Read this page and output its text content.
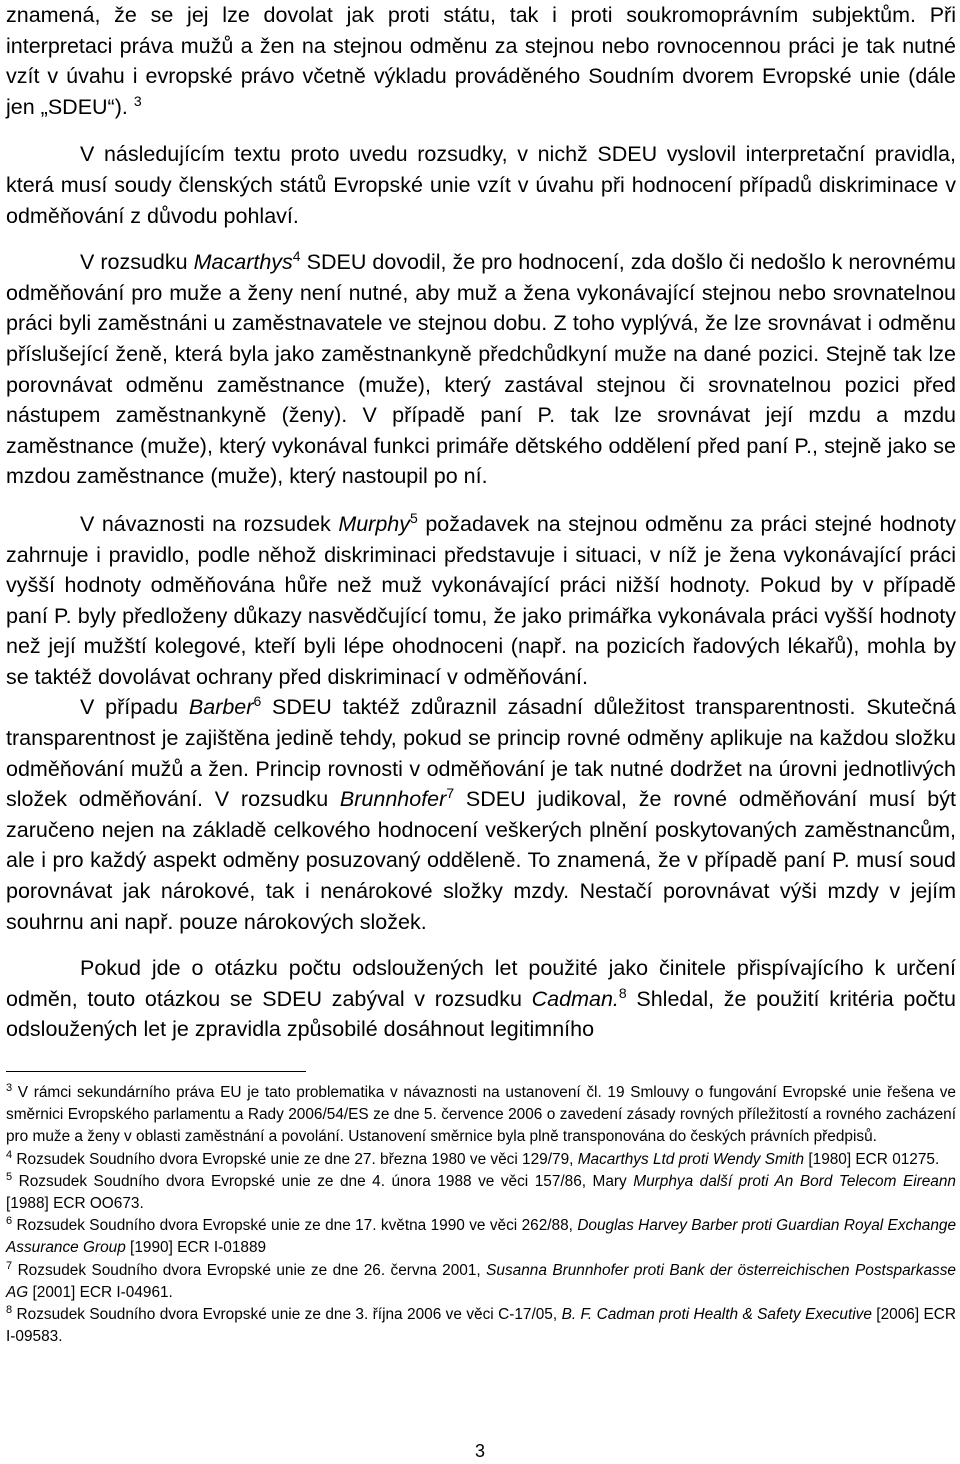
znamená, že se jej lze dovolat jak proti státu, tak i proti soukromoprávním subjektům. Při interpretaci práva mužů a žen na stejnou odměnu za stejnou nebo rovnocennou práci je tak nutné vzít v úvahu i evropské právo včetně výkladu prováděného Soudním dvorem Evropské unie (dále jen „SDEU“). $^3$

V následujícím textu proto uvedu rozsudky, v nichž SDEU vyslovil interpretační pravidla, která musí soudy členských států Evropské unie vzít v úvahu při hodnocení případů diskriminace v odměňování z důvodu pohlaví.

V rozsudku Macarthys$^4$ SDEU dovodil, že pro hodnocení, zda došlo či nedošlo k nerovnému odměňování pro muže a ženy není nutné, aby muž a žena vykonávající stejnou nebo srovnatelnou práci byli zaměstnáni u zaměstnavatele ve stejnou dobu. Z toho vyplývá, že lze srovnávat i odměnu příslušející ženě, která byla jako zaměstnankyně předchůdkyní muže na dané pozici. Stejně tak lze porovnávat odměnu zaměstnance (muže), který zastával stejnou či srovnatelnou pozici před nástupem zaměstnankyně (ženy). V případě paní P. tak lze srovnávat její mzdu a mzdu zaměstnance (muže), který vykonával funkci primáře dětského oddělení před paní P., stejně jako se mzdou zaměstnance (muže), který nastoupil po ní.

V návaznosti na rozsudek Murphy$^5$ požadavek na stejnou odměnu za práci stejné hodnoty zahrnuje i pravidlo, podle něhož diskriminaci představuje i situaci, v níž je žena vykonávající práci vyšší hodnoty odměňována hůře než muž vykonávající práci nižší hodnoty. Pokud by v případě paní P. byly předloženy důkazy nasvědčující tomu, že jako primářka vykonávala práci vyšší hodnoty než její mužští kolegové, kteří byli lépe ohodnoceni (např. na pozicích řadových lékařů), mohla by se taktéž dovolávat ochrany před diskriminací v odměňování.

V případu Barber$^6$ SDEU taktéž zdůraznil zásadní důležitost transparentnosti. Skutečná transparentnost je zajištěna jedině tehdy, pokud se princip rovné odměny aplikuje na každou složku odměňování mužů a žen. Princip rovnosti v odměňování je tak nutné dodržet na úrovni jednotlivých složek odměňování. V rozsudku Brunnhofer$^7$ SDEU judikoval, že rovné odměňování musí být zaručeno nejen na základě celkového hodnocení veškerých plnění poskytovaných zaměstnancům, ale i pro každý aspekt odměny posuzovaný odděleně. To znamená, že v případě paní P. musí soud porovnávat jak nárokové, tak i nenárokové složky mzdy. Nestačí porovnávat výši mzdy v jejím souhrnu ani např. pouze nárokových složek.

Pokud jde o otázku počtu odsloužených let použité jako činitele přispívajícího k určení odměn, touto otázkou se SDEU zabýval v rozsudku Cadman.$^8$ Shledal, že použití kritéria počtu odsloužených let je zpravidla způsobilé dosáhnout legitimního

$^3$ V rámci sekundárního práva EU je tato problematika v návaznosti na ustanovení čl. 19 Smlouvy o fungování Evropské unie řešena ve směrnici Evropského parlamentu a Rady 2006/54/ES ze dne 5. července 2006 o zavedení zásady rovných příležitostí a rovného zacházení pro muže a ženy v oblasti zaměstnání a povolání. Ustanovení směrnice byla plně transponována do českých právních předpisů.

$^4$ Rozsudek Soudního dvora Evropské unie ze dne 27. března 1980 ve věci 129/79, Macarthys Ltd proti Wendy Smith [1980] ECR 01275.

$^5$ Rozsudek Soudního dvora Evropské unie ze dne 4. února 1988 ve věci 157/86, Mary Murphya další proti An Bord Telecom Eireann [1988] ECR OO673.

$^6$ Rozsudek Soudního dvora Evropské unie ze dne 17. května 1990 ve věci 262/88, Douglas Harvey Barber proti Guardian Royal Exchange Assurance Group [1990] ECR I-01889

$^7$ Rozsudek Soudního dvora Evropské unie ze dne 26. června 2001, Susanna Brunnhofer proti Bank der österreichischen Postsparkasse AG [2001] ECR I-04961.

$^8$ Rozsudek Soudního dvora Evropské unie ze dne 3. října 2006 ve věci C-17/05, B. F. Cadman proti Health & Safety Executive [2006] ECR I-09583.

3
